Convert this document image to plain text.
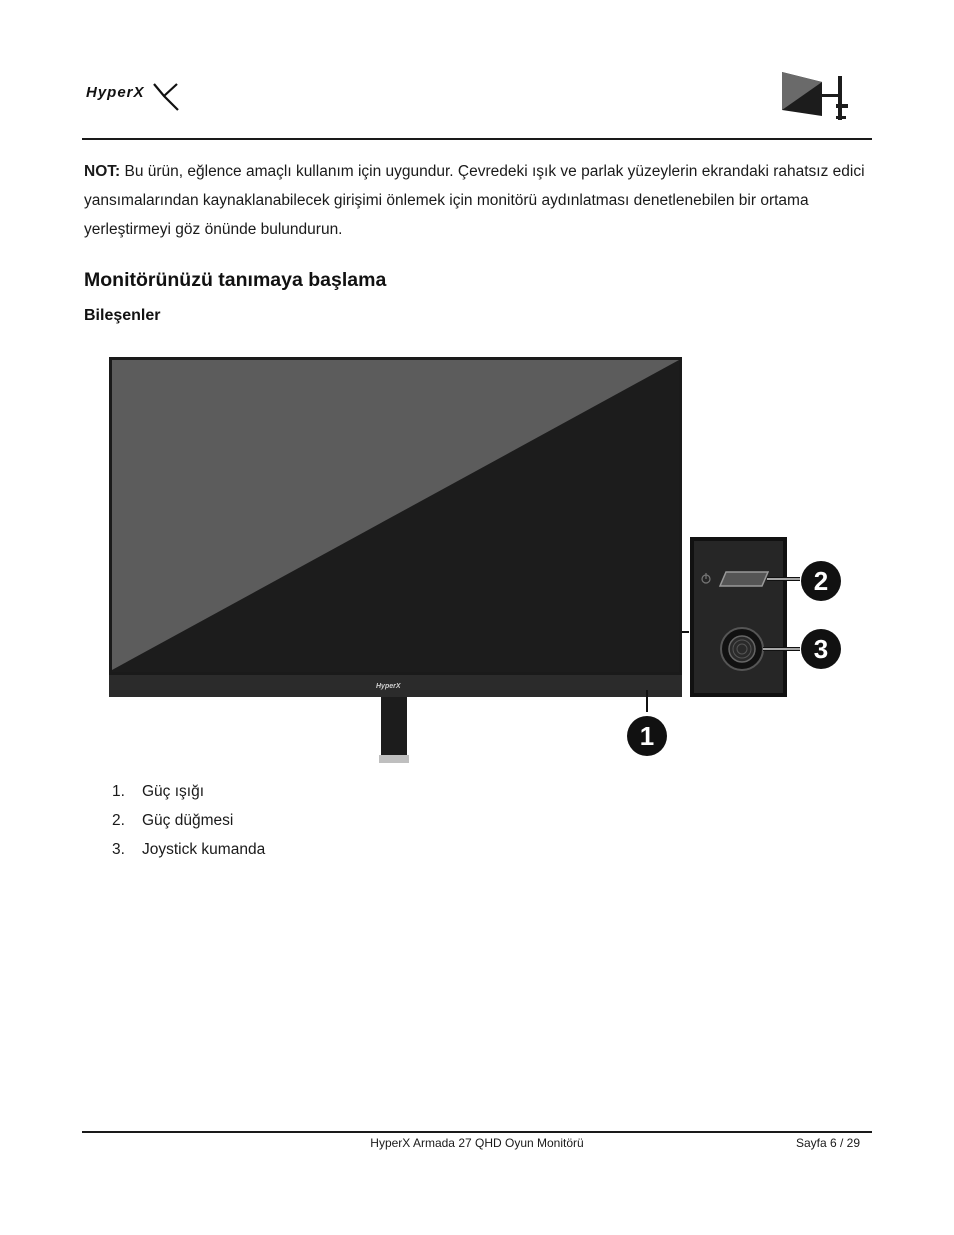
HyperX
NOT: Bu ürün, eğlence amaçlı kullanım için uygundur. Çevredeki ışık ve parlak yüzeylerin ekrandaki rahatsız edici yansımalarından kaynaklanabilecek girişimi önlemek için monitörü aydınlatması denetlenebilen bir ortama yerleştirmeyi göz önünde bulundurun.
Monitörünüzü tanımaya başlama
Bileşenler
HyperX
1
2
3
1. Güç ışığı
2. Güç düğmesi
3. Joystick kumanda
HyperX Armada 27 QHD Oyun Monitörü	Sayfa 6 / 29
